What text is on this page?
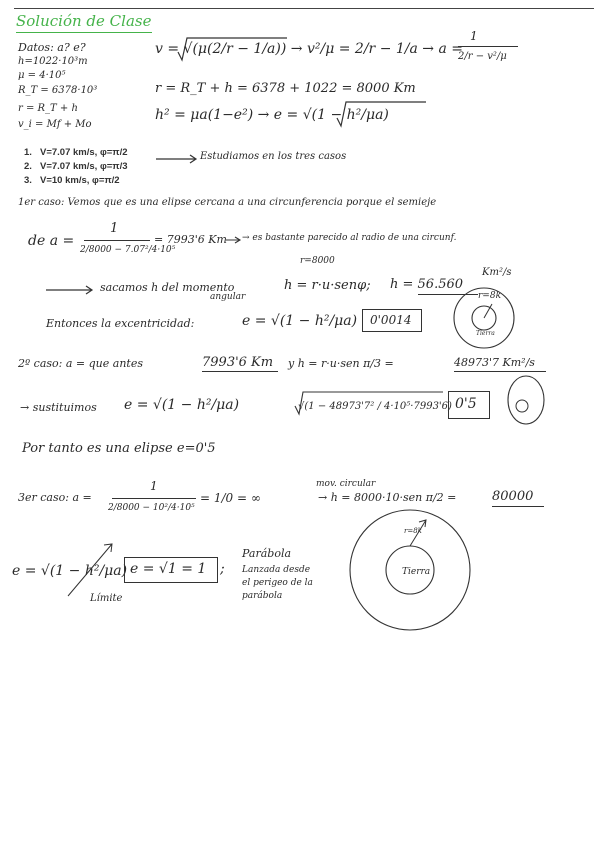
Solución de Clase
Datos: a? e?
h=1022·10³m
μ = 4·10⁵
R_T = 6378·10³
r = R_T + h
v_i = Mf + Mo
v = √(μ(2/r − 1/a)) → v²/μ = 2/r − 1/a → a =
1
2/r − v²/μ
r = R_T + h = 6378 + 1022 = 8000 Km
h² = μa(1−e²) → e = √(1 − h²/μa)
1. V=7.07 km/s, φ=π/2
2. V=7.07 km/s, φ=π/3
3. V=10 km/s, φ=π/2
Estudiamos en los tres casos
1er caso: Vemos que es una elipse cercana a una circunferencia porque el semieje
de a =
1
2/8000 − 7.07²/4·10⁵
= 7993'6 Km → es bastante parecido al radio de una circunf.
sacamos h del momento
angular
r=8000
h = r·u·senφ; h = 56.560
Km²/s
Entonces la excentricidad:	e = √(1 − h²/μa) 0'0014
r=8k
Tierra
2º caso: a = que antes	7993'6 Km y h = r·u·sen π/3 =	48973'7 Km²/s
→ sustituimos e = √(1 − h²/μa)	√(1 − 48973'7² / 4·10⁵·7993'6) 0'5
Por tanto es una elipse e=0'5
3er caso: a =
1
2/8000 − 10²/4·10⁵
= 1/0 = ∞
mov. circular
→ h = 8000·10·sen π/2 =	80000
e = √(1 − h²/μa)
Límite
e = √1 = 1 ;
Parábola
Lanzada desde
el perigeo de la
parábola
Tierra
r=8k
